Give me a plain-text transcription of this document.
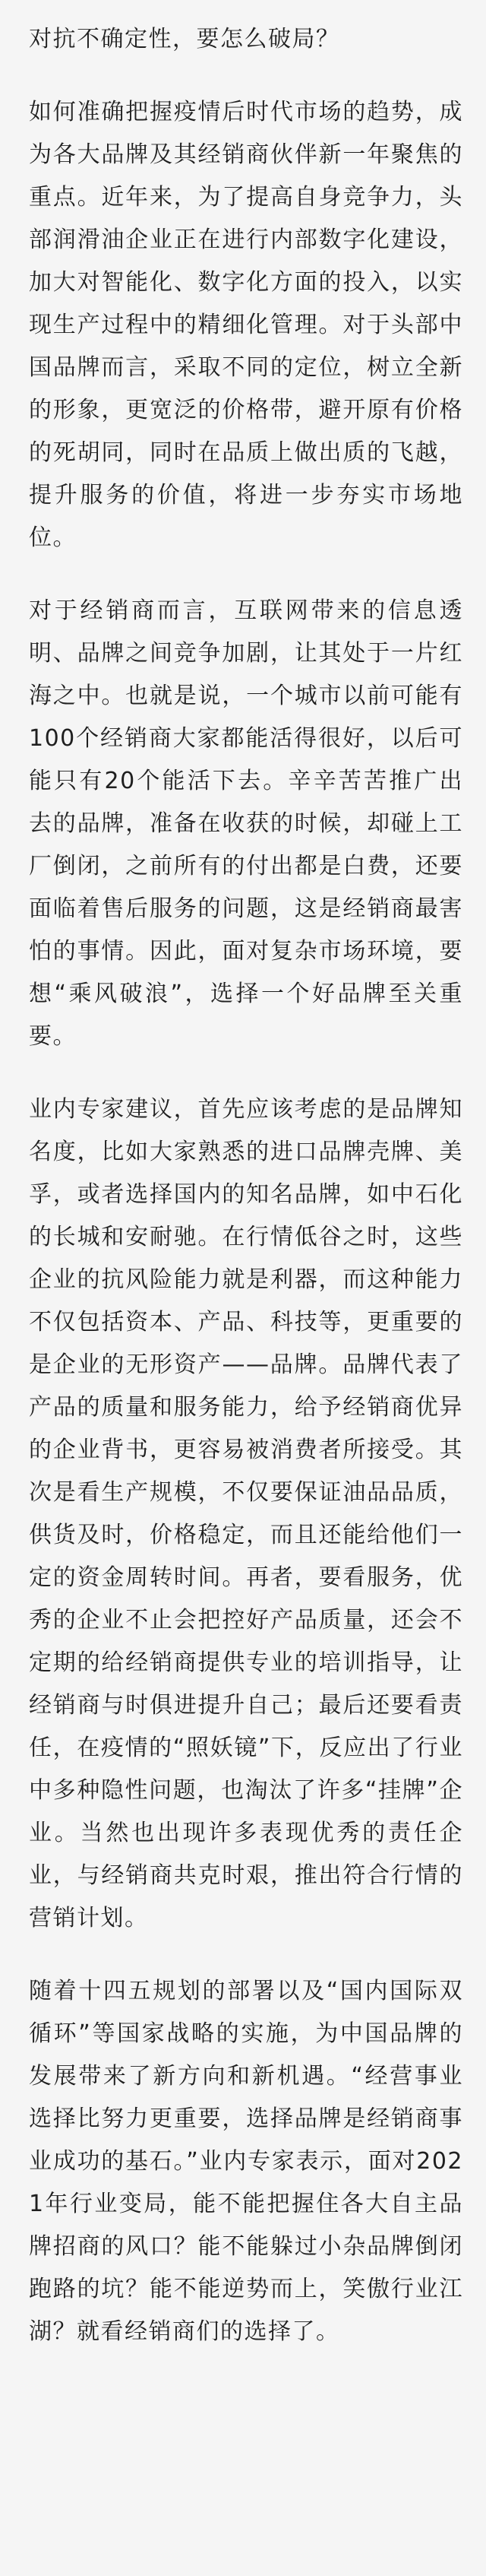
对抗不确定性，要怎么破局？

如何准确把握疫情后时代市场的趋势，成为各大品牌及其经销商伙伴新一年聚焦的重点。近年来，为了提高自身竞争力，头部润滑油企业正在进行内部数字化建设，加大对智能化、数字化方面的投入，以实现生产过程中的精细化管理。对于头部中国品牌而言，采取不同的定位，树立全新的形象，更宽泛的价格带，避开原有价格的死胡同，同时在品质上做出质的飞越，提升服务的价值，将进一步夯实市场地位。

对于经销商而言，互联网带来的信息透明、品牌之间竞争加剧，让其处于一片红海之中。也就是说，一个城市以前可能有100个经销商大家都能活得很好，以后可能只有20个能活下去。辛辛苦苦推广出去的品牌，准备在收获的时候，却碰上工厂倒闭，之前所有的付出都是白费，还要面临着售后服务的问题，这是经销商最害怕的事情。因此，面对复杂市场环境，要想“乘风破浪”，选择一个好品牌至关重要。

业内专家建议，首先应该考虑的是品牌知名度，比如大家熟悉的进口品牌壳牌、美孚，或者选择国内的知名品牌，如中石化的长城和安耐驰。在行情低谷之时，这些企业的抗风险能力就是利器，而这种能力不仅包括资本、产品、科技等，更重要的是企业的无形资产——品牌。品牌代表了产品的质量和服务能力，给予经销商优异的企业背书，更容易被消费者所接受。其次是看生产规模，不仅要保证油品品质，供货及时，价格稳定，而且还能给他们一定的资金周转时间。再者，要看服务，优秀的企业不止会把控好产品质量，还会不定期的给经销商提供专业的培训指导，让经销商与时俱进提升自己；最后还要看责任，在疫情的“照妖镜”下，反应出了行业中多种隐性问题，也淘汰了许多“挂牌”企业。当然也出现许多表现优秀的责任企业，与经销商共克时艰，推出符合行情的营销计划。

随着十四五规划的部署以及“国内国际双循环”等国家战略的实施，为中国品牌的发展带来了新方向和新机遇。“经营事业选择比努力更重要，选择品牌是经销商事业成功的基石。”业内专家表示，面对2021年行业变局，能不能把握住各大自主品牌招商的风口？能不能躲过小杂品牌倒闭跑路的坑？能不能逆势而上，笑傲行业江湖？就看经销商们的选择了。
